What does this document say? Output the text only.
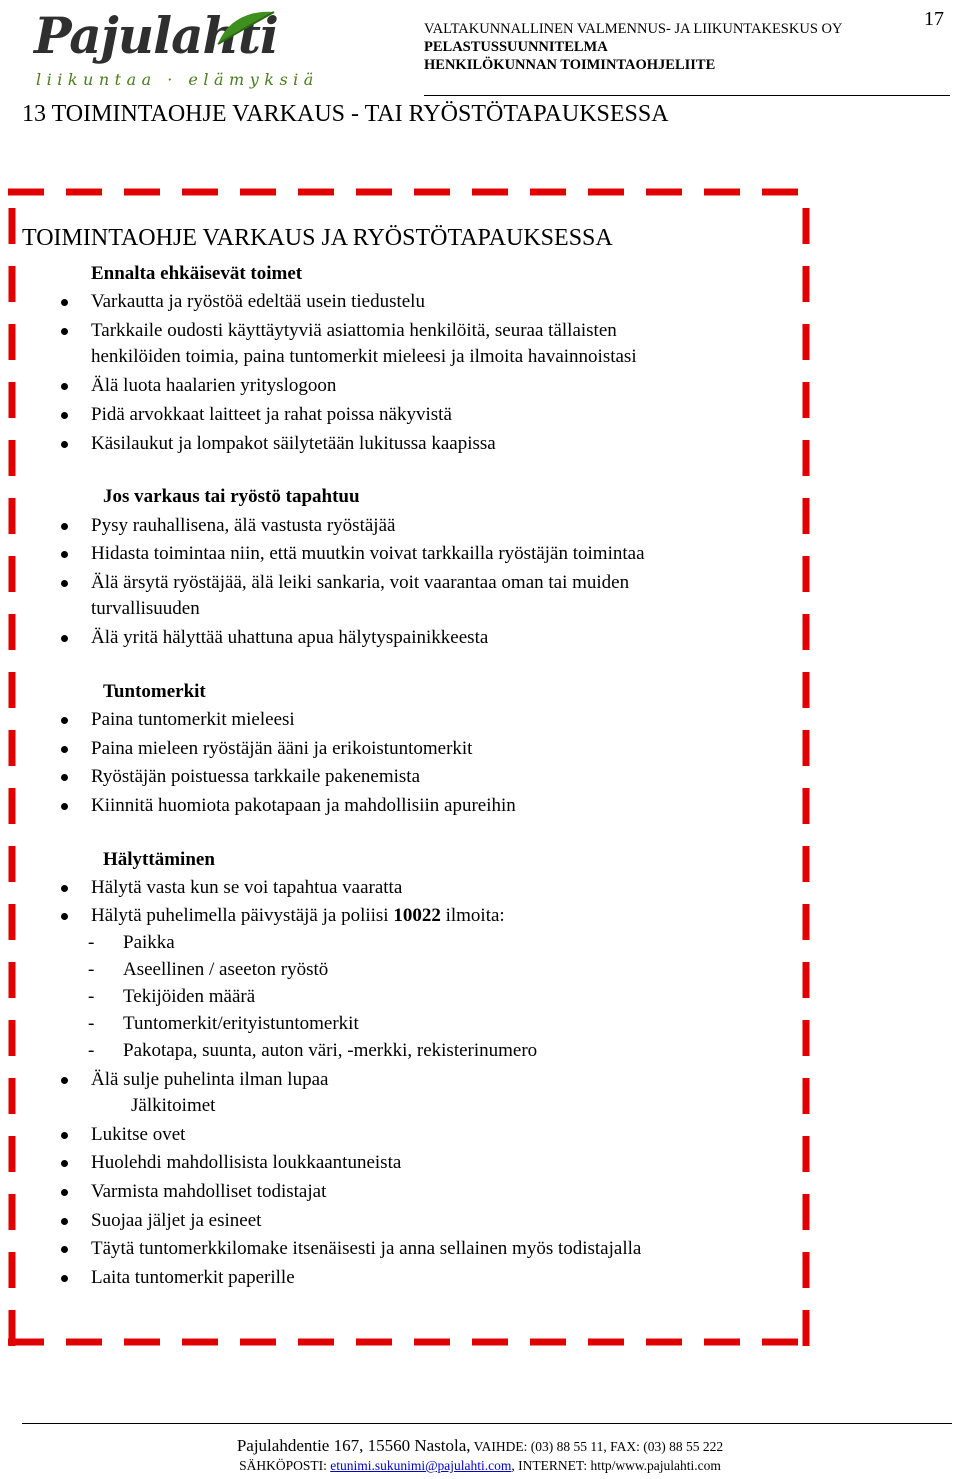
Pajulahti
liikuntaa · elämyksiä
VALTAKUNNALLINEN VALMENNUS- JA LIIKUNTAKESKUS OY
PELASTUSSUUNNITELMA
HENKILÖKUNNAN TOIMINTAOHJELIITE
17
13 TOIMINTAOHJE VARKAUS - TAI RYÖSTÖTAPAUKSESSA
TOIMINTAOHJE VARKAUS JA RYÖSTÖTAPAUKSESSA
Ennalta ehkäisevät toimet
Varkautta ja ryöstöä edeltää usein tiedustelu
Tarkkaile oudosti käyttäytyviä asiattomia henkilöitä, seuraa tällaisten
henkilöiden toimia, paina tuntomerkit mieleesi ja ilmoita havainnoistasi
Älä luota haalarien yrityslogoon
Pidä arvokkaat laitteet ja rahat poissa näkyvistä
Käsilaukut ja lompakot säilytetään lukitussa kaapissa
Jos varkaus tai ryöstö tapahtuu
Pysy rauhallisena, älä vastusta ryöstäjää
Hidasta toimintaa niin, että muutkin voivat tarkkailla ryöstäjän toimintaa
Älä ärsytä ryöstäjää, älä leiki sankaria, voit vaarantaa oman tai muiden
turvallisuuden
Älä yritä hälyttää uhattuna apua hälytyspainikkeesta
Tuntomerkit
Paina tuntomerkit mieleesi
Paina mieleen ryöstäjän ääni ja erikoistuntomerkit
Ryöstäjän poistuessa tarkkaile pakenemista
Kiinnitä huomiota pakotapaan ja mahdollisiin apureihin
Hälyttäminen
Hälytä vasta kun se voi tapahtua vaaratta
Hälytä puhelimella päivystäjä ja poliisi 10022 ilmoita:
- Paikka
- Aseellinen / aseeton ryöstö
- Tekijöiden määrä
- Tuntomerkit/erityistuntomerkit
- Pakotapa, suunta, auton väri, -merkki, rekisterinumero
Älä sulje puhelinta ilman lupaa
Jälkitoimet
Lukitse ovet
Huolehdi mahdollisista loukkaantuneista
Varmista mahdolliset todistajat
Suojaa jäljet ja esineet
Täytä tuntomerkkilomake itsenäisesti ja anna sellainen myös todistajalla
Laita tuntomerkit paperille
Pajulahdentie 167, 15560 Nastola, VAIHDE: (03) 88 55 11, FAX: (03) 88 55 222
SÄHKÖPOSTI: etunimi.sukunimi@pajulahti.com, INTERNET: http/www.pajulahti.com
